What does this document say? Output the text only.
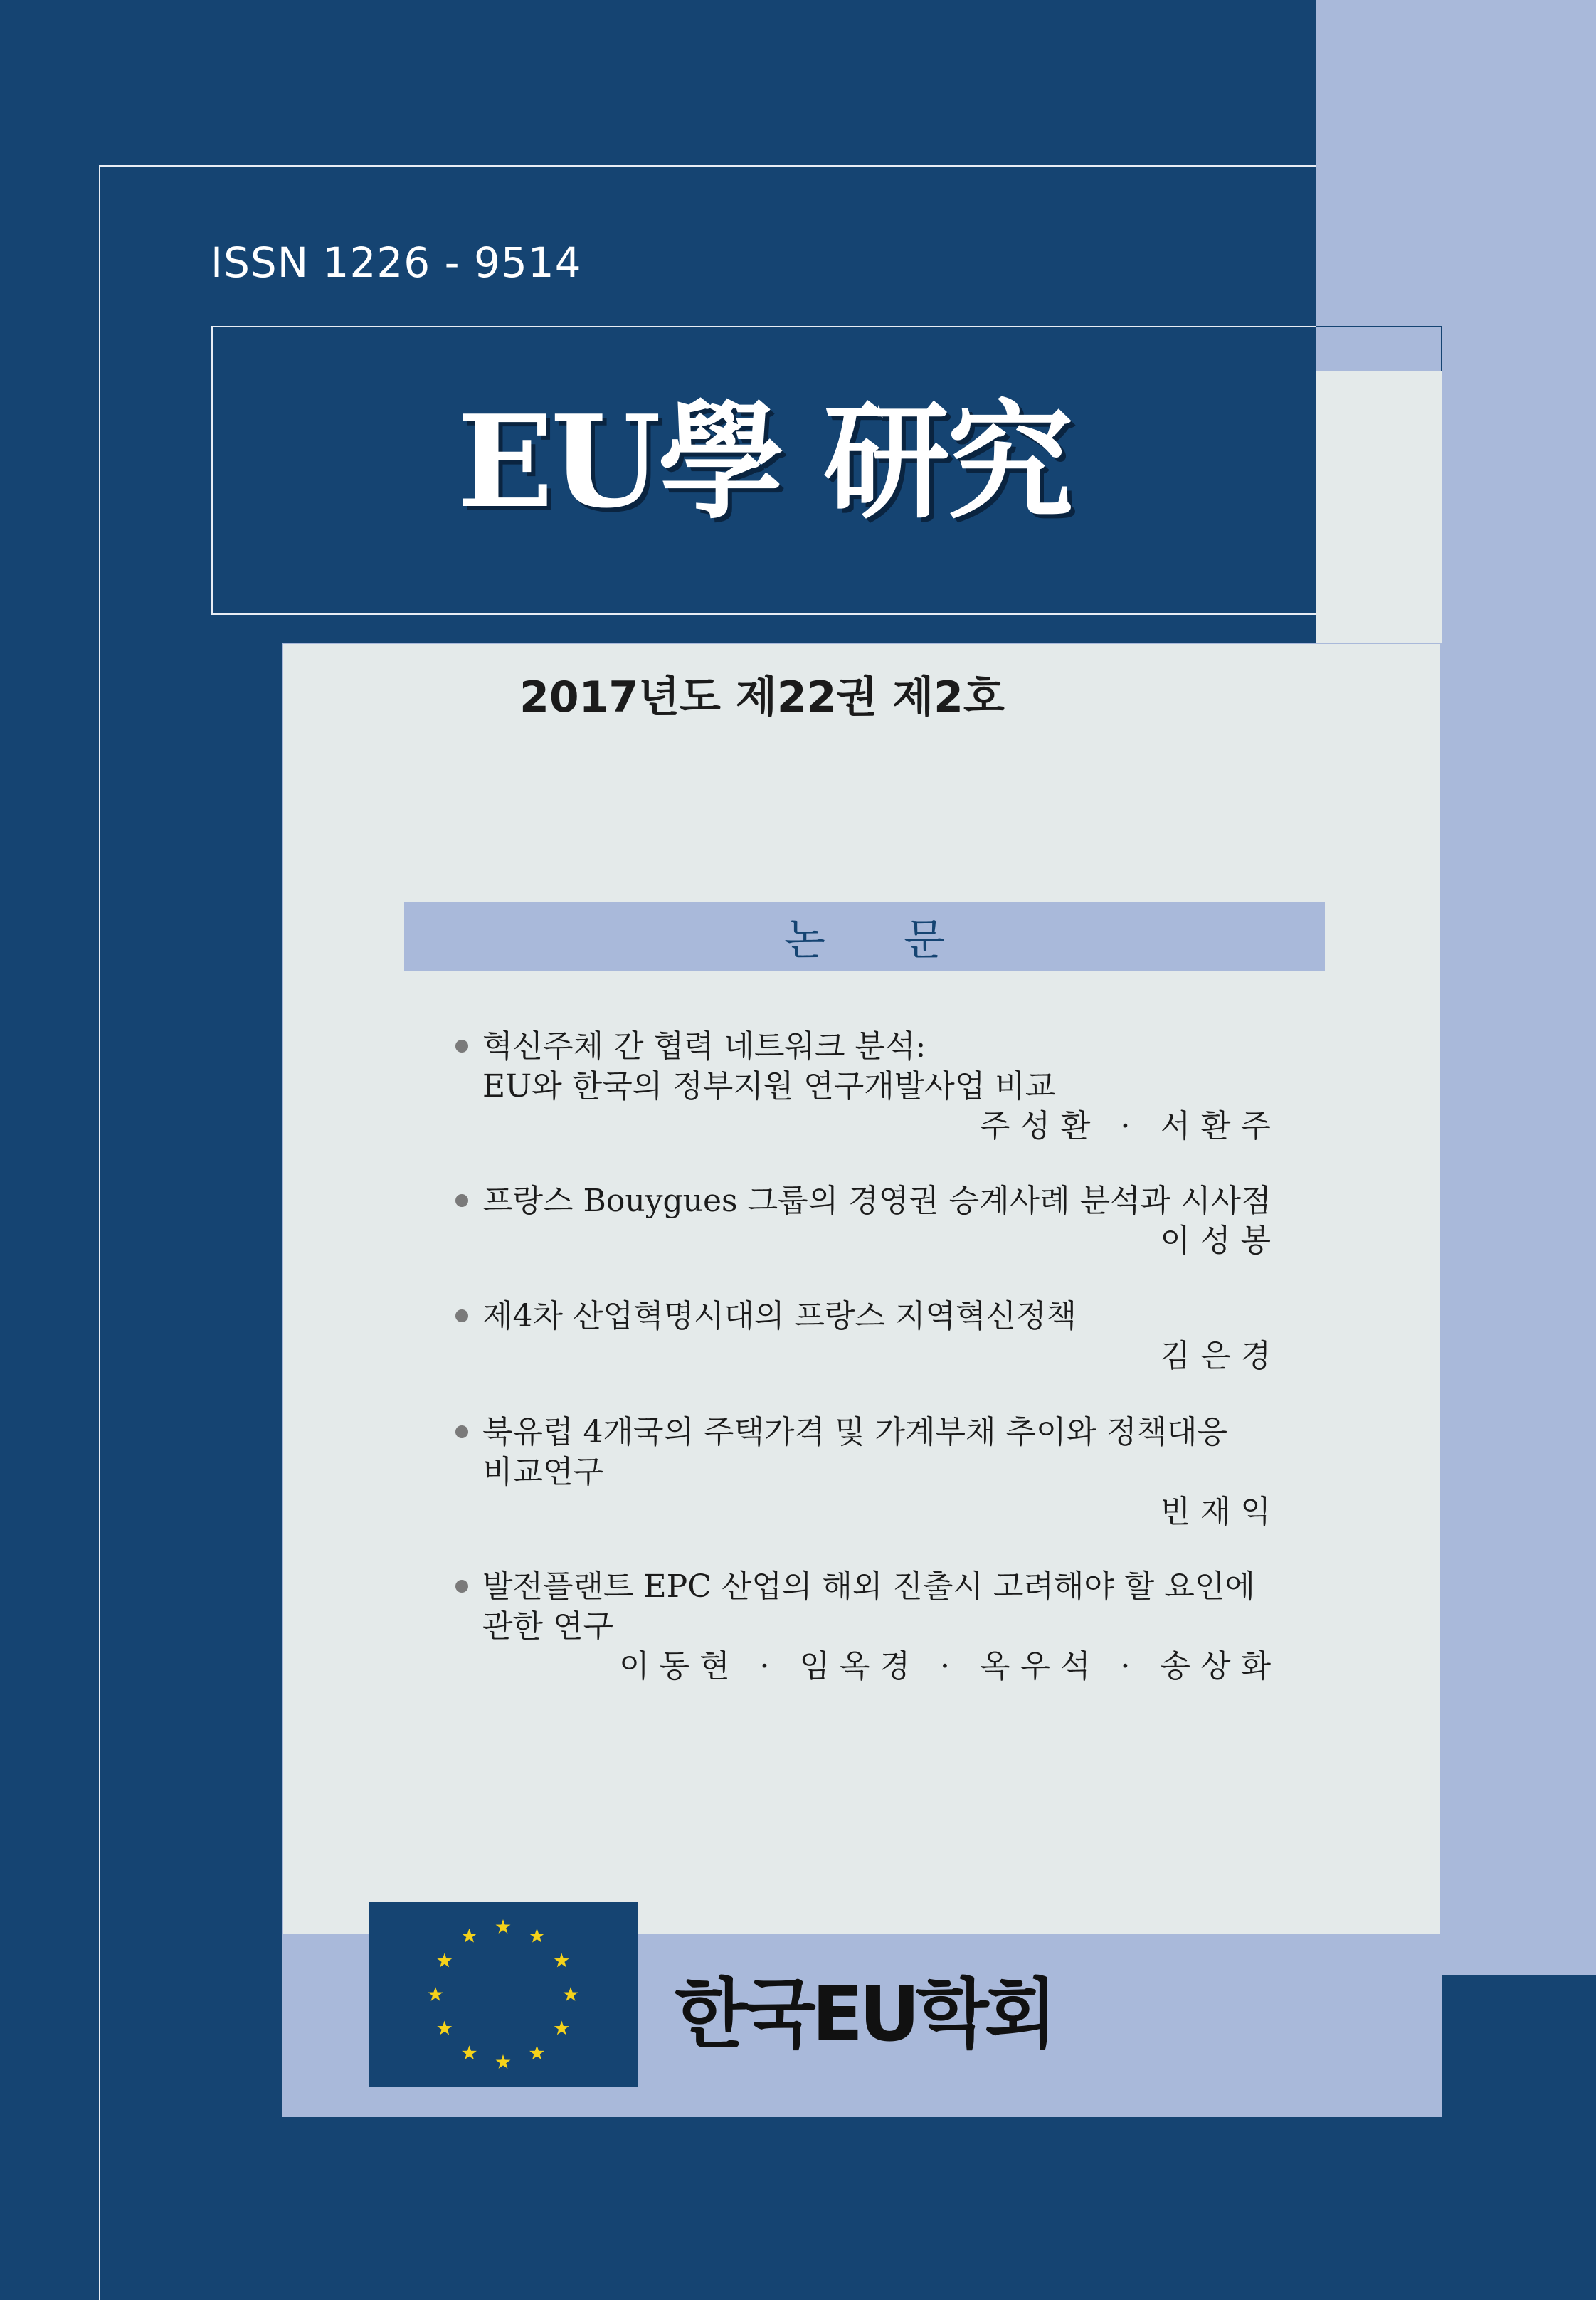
ISSN 1226 - 9514
EU學 研究
2017년도 제22권 제2호
논문
혁신주체 간 협력 네트워크 분석:
EU와 한국의 정부지원 연구개발사업 비교
주성환 · 서환주
프랑스 Bouygues 그룹의 경영권 승계사례 분석과 시사점
이성봉
제4차 산업혁명시대의 프랑스 지역혁신정책
김은경
북유럽 4개국의 주택가격 및 가계부채 추이와 정책대응
비교연구
빈재익
발전플랜트 EPC 산업의 해외 진출시 고려해야 할 요인에
관한 연구
이동현 · 임옥경 · 옥우석 · 송상화
한국EU학회
